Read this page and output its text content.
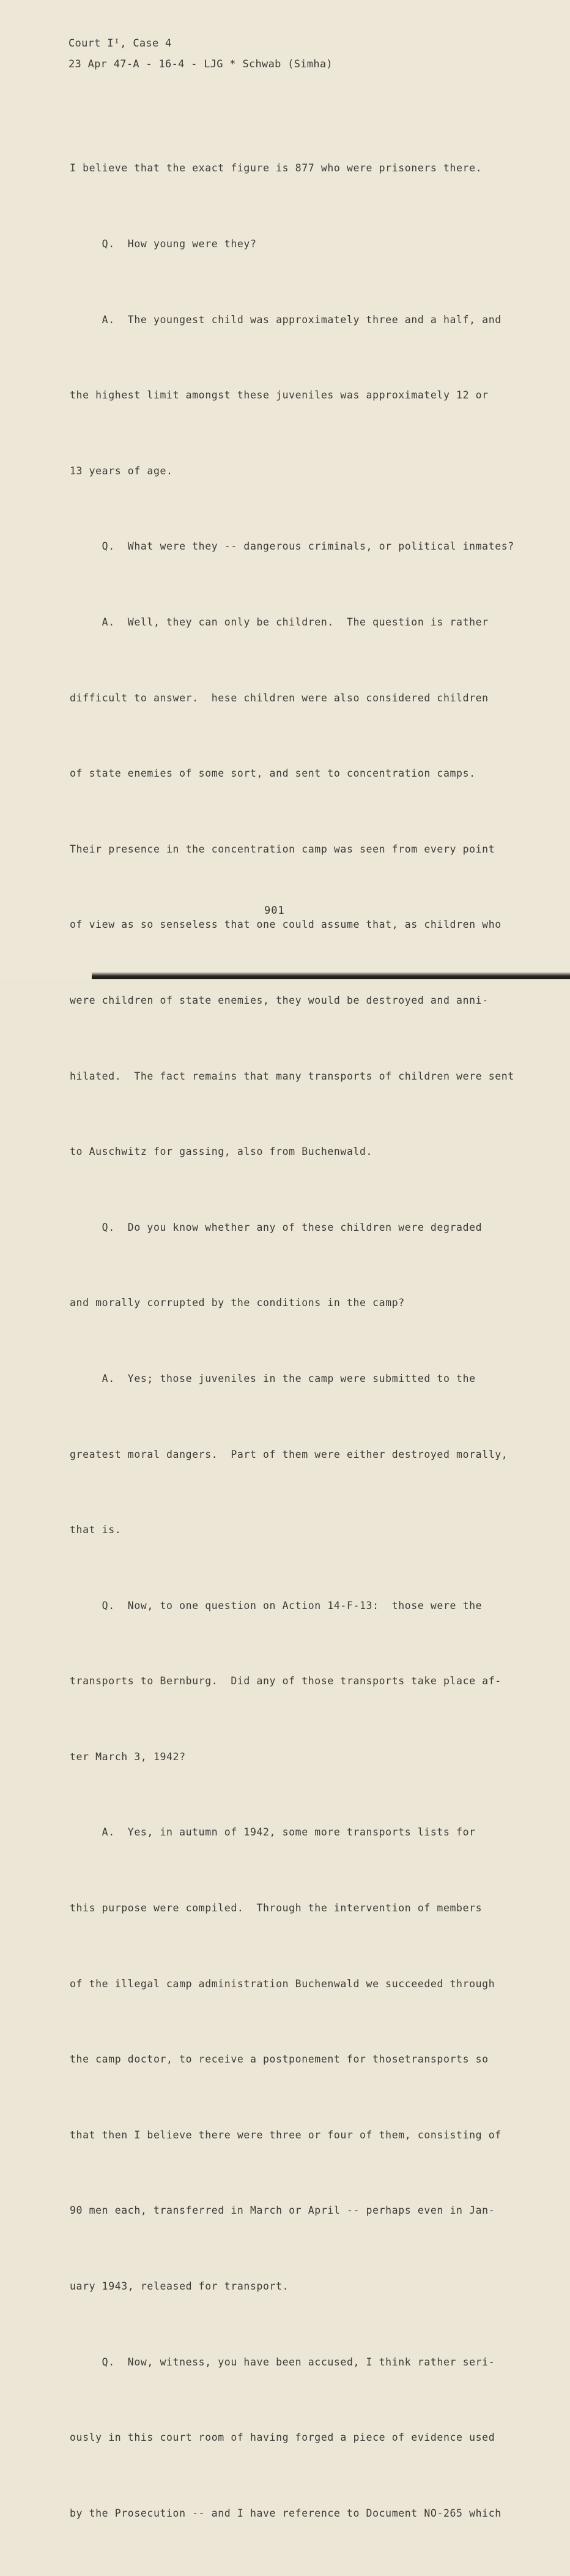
Court Iᴵ, Case 4
23 Apr 47-A - 16-4 - LJG * Schwab (Simha)

I believe that the exact figure is 877 who were prisoners there.

Q.  How young were they?

A.  The youngest child was approximately three and a half, and

the highest limit amongst these juveniles was approximately 12 or

13 years of age.

Q.  What were they -- dangerous criminals, or political inmates?

A.  Well, they can only be children.  The question is rather

difficult to answer.  hese children were also considered children

of state enemies of some sort, and sent to concentration camps.

Their presence in the concentration camp was seen from every point

of view as so senseless that one could assume that, as children who

were children of state enemies, they would be destroyed and anni-

hilated.  The fact remains that many transports of children were sent

to Auschwitz for gassing, also from Buchenwald.

Q.  Do you know whether any of these children were degraded

and morally corrupted by the conditions in the camp?

A.  Yes; those juveniles in the camp were submitted to the

greatest moral dangers.  Part of them were either destroyed morally,

that is.

Q.  Now, to one question on Action 14-F-13:  those were the

transports to Bernburg.  Did any of those transports take place af-

ter March 3, 1942?

A.  Yes, in autumn of 1942, some more transports lists for

this purpose were compiled.  Through the intervention of members

of the illegal camp administration Buchenwald we succeeded through

the camp doctor, to receive a postponement for thosetransports so

that then I believe there were three or four of them, consisting of

90 men each, transferred in March or April -- perhaps even in Jan-

uary 1943, released for transport.

Q.  Now, witness, you have been accused, I think rather seri-

ously in this court room of having forged a piece of evidence used

by the Prosecution -- and I have reference to Document NO-265 which

901
